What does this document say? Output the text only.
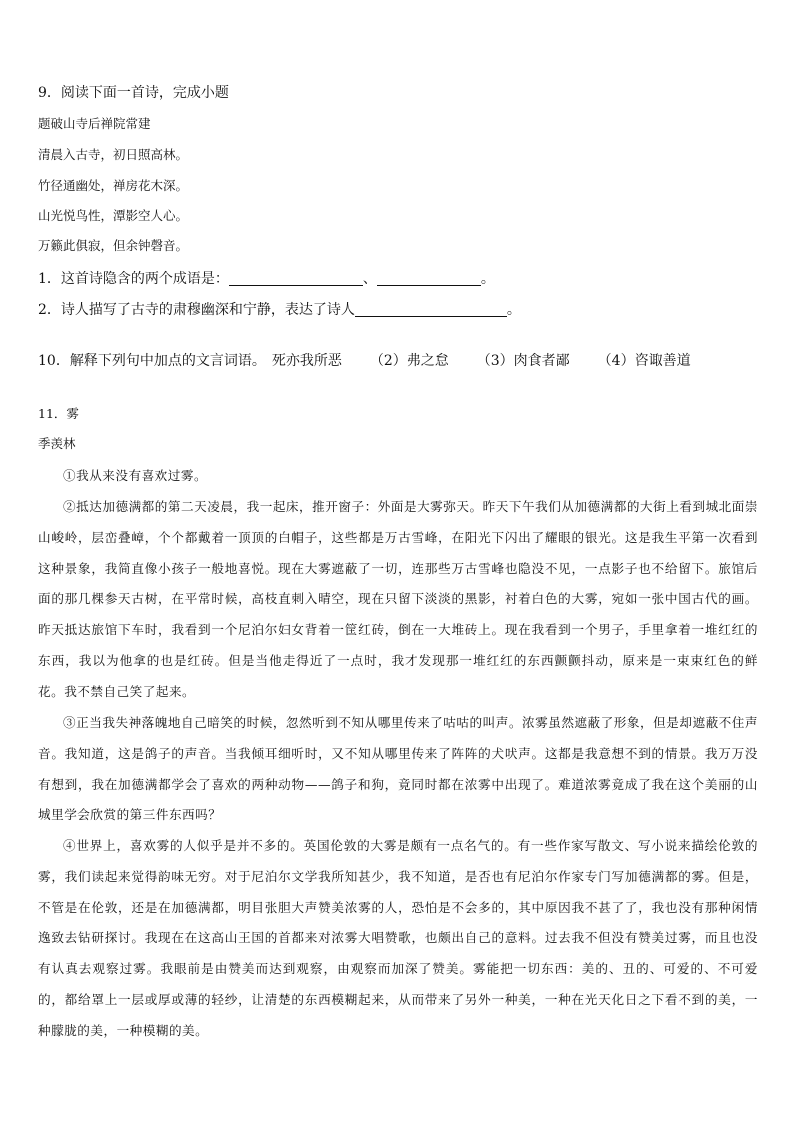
9．阅读下面一首诗，完成小题
题破山寺后禅院常建
清晨入古寺，初日照高林。
竹径通幽处，禅房花木深。
山光悦鸟性，潭影空人心。
万籁此俱寂，但余钟磬音。
1．这首诗隐含的两个成语是：	、	。
2．诗人描写了古寺的肃穆幽深和宁静，表达了诗人	。
10．解释下列句中加点的文言词语。 死亦我所恶 （2）弗之怠 （3）肉食者鄙 （4）咨诹善道
11．雾
季羡林
①我从来没有喜欢过雾。
②抵达加德满都的第二天凌晨，我一起床，推开窗子：外面是大雾弥天。昨天下午我们从加德满都的大街上看到城北面崇山峻岭，层峦叠嶂，个个都戴着一顶顶的白帽子，这些都是万古雪峰，在阳光下闪出了耀眼的银光。这是我生平第一次看到这种景象，我简直像小孩子一般地喜悦。现在大雾遮蔽了一切，连那些万古雪峰也隐没不见，一点影子也不给留下。旅馆后面的那几棵参天古树，在平常时候，高枝直刺入晴空，现在只留下淡淡的黑影，衬着白色的大雾，宛如一张中国古代的画。昨天抵达旅馆下车时，我看到一个尼泊尔妇女背着一筐红砖，倒在一大堆砖上。现在我看到一个男子，手里拿着一堆红红的东西，我以为他拿的也是红砖。但是当他走得近了一点时，我才发现那一堆红红的东西颤颤抖动，原来是一束束红色的鲜花。我不禁自己笑了起来。
③正当我失神落魄地自己暗笑的时候，忽然听到不知从哪里传来了咕咕的叫声。浓雾虽然遮蔽了形象，但是却遮蔽不住声音。我知道，这是鸽子的声音。当我倾耳细听时，又不知从哪里传来了阵阵的犬吠声。这都是我意想不到的情景。我万万没有想到，我在加德满都学会了喜欢的两种动物——鸽子和狗，竟同时都在浓雾中出现了。难道浓雾竟成了我在这个美丽的山城里学会欣赏的第三件东西吗？
④世界上，喜欢雾的人似乎是并不多的。英国伦敦的大雾是颇有一点名气的。有一些作家写散文、写小说来描绘伦敦的雾，我们读起来觉得韵味无穷。对于尼泊尔文学我所知甚少，我不知道，是否也有尼泊尔作家专门写加德满都的雾。但是，不管是在伦敦，还是在加德满都，明目张胆大声赞美浓雾的人，恐怕是不会多的，其中原因我不甚了了，我也没有那种闲情逸致去钻研探讨。我现在在这高山王国的首都来对浓雾大唱赞歌，也颇出自己的意料。过去我不但没有赞美过雾，而且也没有认真去观察过雾。我眼前是由赞美而达到观察，由观察而加深了赞美。雾能把一切东西：美的、丑的、可爱的、不可爱的，都给罩上一层或厚或薄的轻纱，让清楚的东西模糊起来，从而带来了另外一种美，一种在光天化日之下看不到的美，一种朦胧的美，一种模糊的美。
